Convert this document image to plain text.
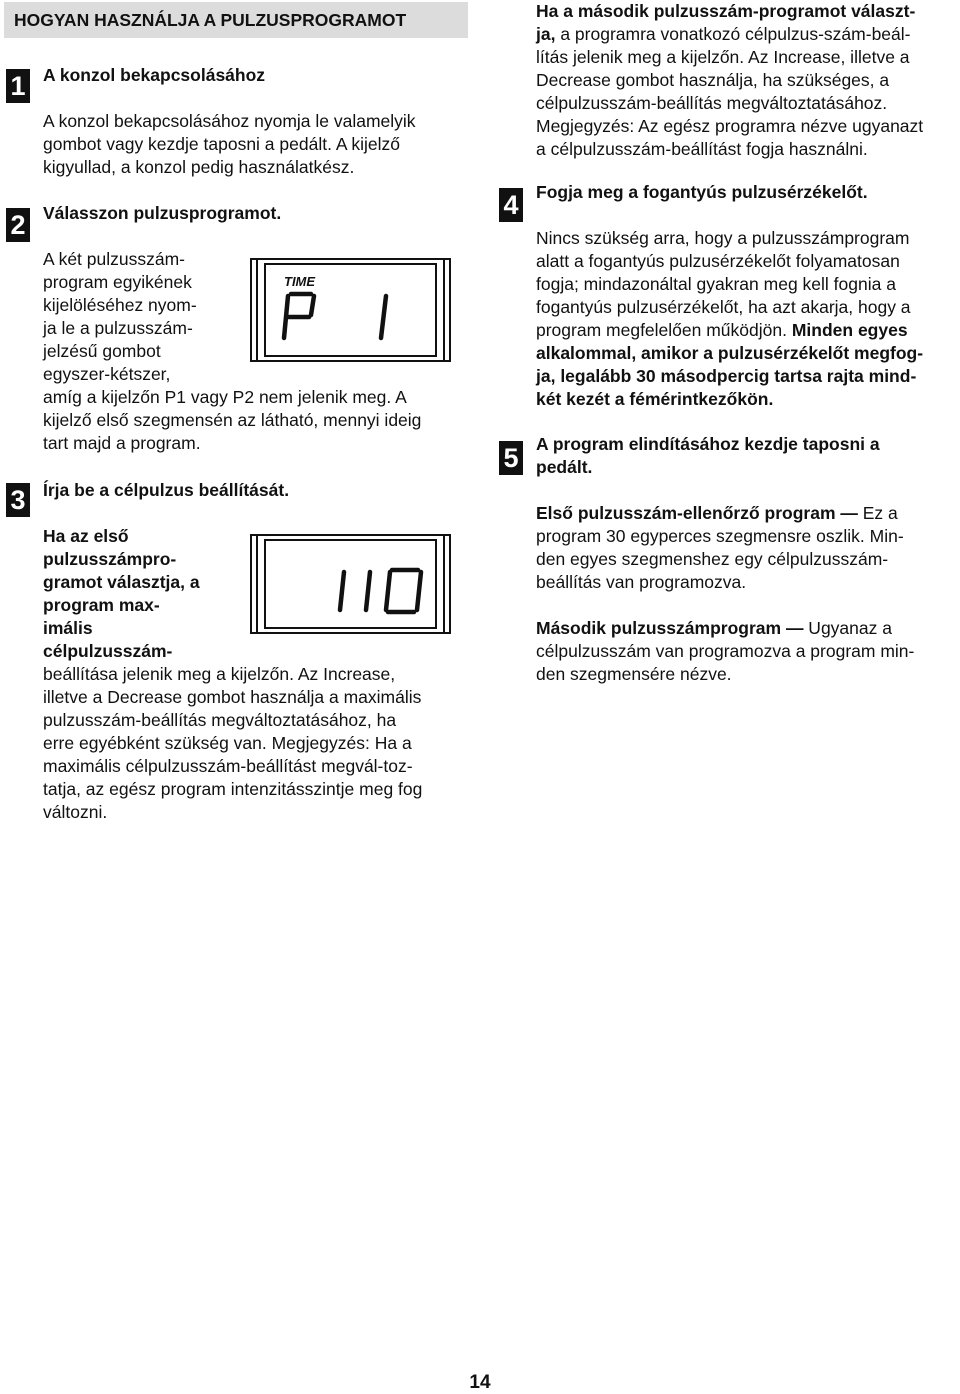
HOGYAN HASZNÁLJA A PULZUSPROGRAMOT
1 A konzol bekapcsolásához

A konzol bekapcsolásához nyomja le valamelyik

gombot vagy kezdje taposni a pedált. A kijelző

kigyullad, a konzol pedig használatkész.

2 Válasszon pulzusprogramot.

A két pulzusszám-

program egyikének

kijelöléséhez nyom-

ja le a pulzusszám-

jelzésű gombot

egyszer-kétszer,

amíg a kijelzőn P1 vagy P2 nem jelenik meg. A

kijelző első szegmensén az látható, mennyi ideig

tart majd a program.

TIME
3 Írja be a célpulzus beállítását.

Ha az első

pulzusszámpro-

gramot választja, a

program max-

imális

célpulzusszám-

beállítása jelenik meg a kijelzőn. Az Increase,

illetve a Decrease gombot használja a maximális

pulzusszám-beállítás megváltoztatásához, ha

erre egyébként szükség van. Megjegyzés: Ha a

maximális célpulzusszám-beállítást megvál-toz-

tatja, az egész program intenzitásszintje meg fog

változni.

Ha a második pulzusszám-programot választ-

ja, a programra vonatkozó célpulzus-szám-beál-

lítás jelenik meg a kijelzőn. Az Increase, illetve a

Decrease gombot használja, ha szükséges, a

célpulzusszám-beállítás megváltoztatásához.

Megjegyzés: Az egész programra nézve ugyanazt

a célpulzusszám-beállítást fogja használni.

4 Fogja meg a fogantyús pulzusérzékelőt.

Nincs szükség arra, hogy a pulzusszámprogram

alatt a fogantyús pulzusérzékelőt folyamatosan

fogja; mindazonáltal gyakran meg kell fognia a

fogantyús pulzusérzékelőt, ha azt akarja, hogy a

program megfelelően működjön. Minden egyes

alkalommal, amikor a pulzusérzékelőt megfog-

ja, legalább 30 másodpercig tartsa rajta mind-

két kezét a fémérintkezőkön.

5 A program elindításához kezdje taposni a

pedált.

Első pulzusszám-ellenőrző program — Ez a

program 30 egyperces szegmensre oszlik. Min-

den egyes szegmenshez egy célpulzusszám-

beállítás van programozva.

Második pulzusszámprogram — Ugyanaz a

célpulzusszám van programozva a program min-

den szegmensére nézve.

14
